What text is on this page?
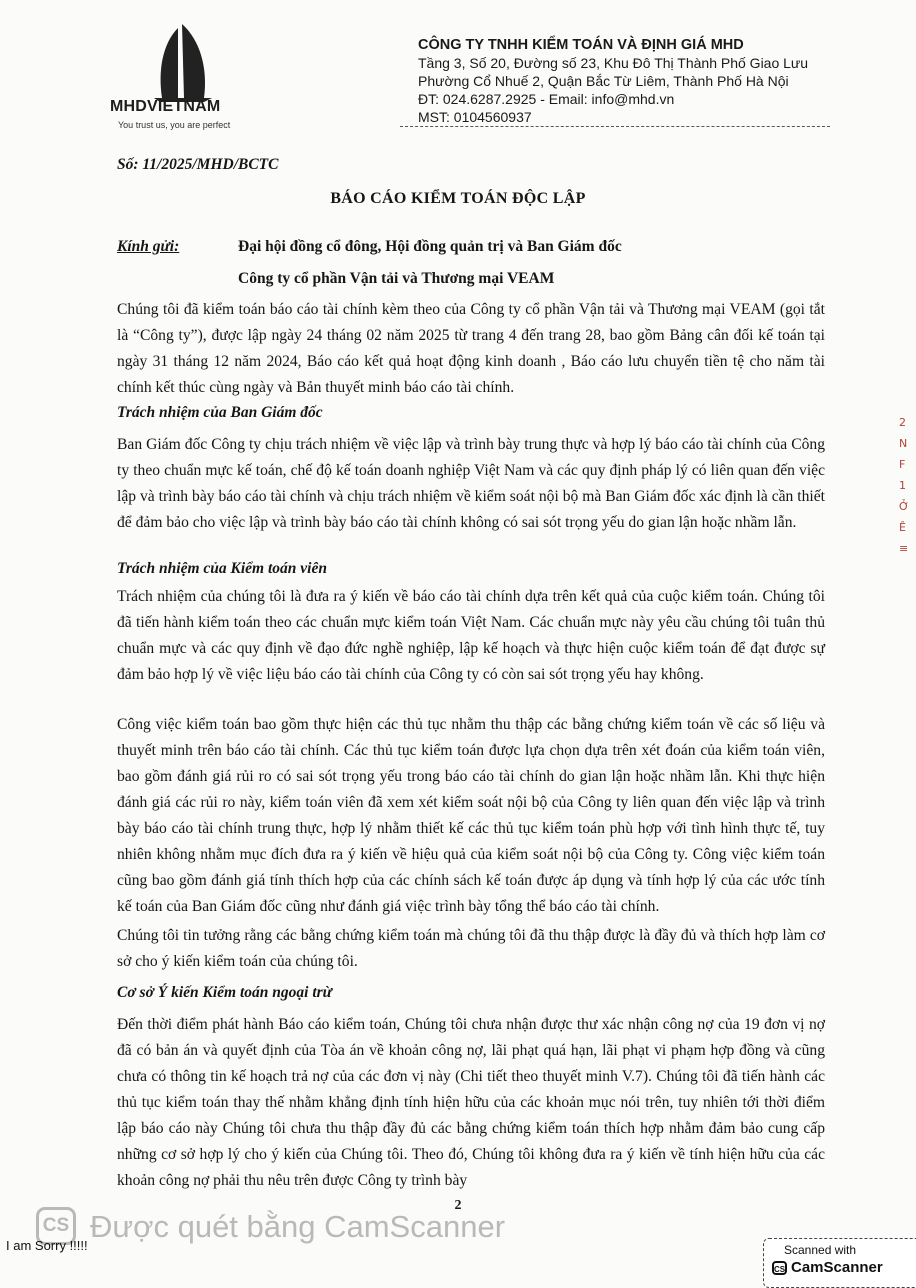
MHDVIETNAM
You trust us, you are perfect
CÔNG TY TNHH KIỂM TOÁN VÀ ĐỊNH GIÁ MHD
Tầng 3, Số 20, Đường số 23, Khu Đô Thị Thành Phố Giao Lưu
Phường Cổ Nhuế 2, Quận Bắc Từ Liêm, Thành Phố Hà Nội
ĐT: 024.6287.2925 - Email: info@mhd.vn
MST: 0104560937
Số: 11/2025/MHD/BCTC
BÁO CÁO KIỂM TOÁN ĐỘC LẬP
Kính gửi:	Đại hội đồng cổ đông, Hội đồng quản trị và Ban Giám đốc
Công ty cổ phần Vận tải và Thương mại VEAM
Chúng tôi đã kiểm toán báo cáo tài chính kèm theo của Công ty cổ phần Vận tải và Thương mại VEAM (gọi tắt là “Công ty”), được lập ngày 24 tháng 02 năm 2025 từ trang 4 đến trang 28, bao gồm Bảng cân đối kế toán tại ngày 31 tháng 12 năm 2024, Báo cáo kết quả hoạt động kinh doanh , Báo cáo lưu chuyển tiền tệ cho năm tài chính kết thúc cùng ngày và Bản thuyết minh báo cáo tài chính.
Trách nhiệm của Ban Giám đốc
Ban Giám đốc Công ty chịu trách nhiệm về việc lập và trình bày trung thực và hợp lý báo cáo tài chính của Công ty theo chuẩn mực kế toán, chế độ kế toán doanh nghiệp Việt Nam và các quy định pháp lý có liên quan đến việc lập và trình bày báo cáo tài chính và chịu trách nhiệm về kiểm soát nội bộ mà Ban Giám đốc xác định là cần thiết để đảm bảo cho việc lập và trình bày báo cáo tài chính không có sai sót trọng yếu do gian lận hoặc nhầm lẫn.
Trách nhiệm của Kiểm toán viên
Trách nhiệm của chúng tôi là đưa ra ý kiến về báo cáo tài chính dựa trên kết quả của cuộc kiểm toán. Chúng tôi đã tiến hành kiểm toán theo các chuẩn mực kiểm toán Việt Nam. Các chuẩn mực này yêu cầu chúng tôi tuân thủ chuẩn mực và các quy định về đạo đức nghề nghiệp, lập kế hoạch và thực hiện cuộc kiểm toán để đạt được sự đảm bảo hợp lý về việc liệu báo cáo tài chính của Công ty có còn sai sót trọng yếu hay không.
Công việc kiểm toán bao gồm thực hiện các thủ tục nhằm thu thập các bằng chứng kiểm toán về các số liệu và thuyết minh trên báo cáo tài chính. Các thủ tục kiểm toán được lựa chọn dựa trên xét đoán của kiểm toán viên, bao gồm đánh giá rủi ro có sai sót trọng yếu trong báo cáo tài chính do gian lận hoặc nhầm lẫn. Khi thực hiện đánh giá các rủi ro này, kiểm toán viên đã xem xét kiểm soát nội bộ của Công ty liên quan đến việc lập và trình bày báo cáo tài chính trung thực, hợp lý nhằm thiết kế các thủ tục kiểm toán phù hợp với tình hình thực tế, tuy nhiên không nhằm mục đích đưa ra ý kiến về hiệu quả của kiểm soát nội bộ của Công ty. Công việc kiểm toán cũng bao gồm đánh giá tính thích hợp của các chính sách kế toán được áp dụng và tính hợp lý của các ước tính kế toán của Ban Giám đốc cũng như đánh giá việc trình bày tổng thể báo cáo tài chính.
Chúng tôi tin tưởng rằng các bằng chứng kiểm toán mà chúng tôi đã thu thập được là đầy đủ và thích hợp làm cơ sở cho ý kiến kiểm toán của chúng tôi.
Cơ sở Ý kiến Kiểm toán ngoại trừ
Đến thời điểm phát hành Báo cáo kiểm toán, Chúng tôi chưa nhận được thư xác nhận công nợ của 19 đơn vị nợ đã có bản án và quyết định của Tòa án về khoản công nợ, lãi phạt quá hạn, lãi phạt vi phạm hợp đồng và cũng chưa có thông tin kế hoạch trả nợ của các đơn vị này (Chi tiết theo thuyết minh V.7). Chúng tôi đã tiến hành các thủ tục kiểm toán thay thế nhằm khẳng định tính hiện hữu của các khoản mục nói trên, tuy nhiên tới thời điểm lập báo cáo này Chúng tôi chưa thu thập đầy đủ các bằng chứng kiểm toán thích hợp nhằm đảm bảo cung cấp những cơ sở hợp lý cho ý kiến của Chúng tôi. Theo đó, Chúng tôi không đưa ra ý kiến về tính hiện hữu của các khoản công nợ phải thu nêu trên được Công ty trình bày
2
2
N
F
1
Ở
Ê
≡
CS Được quét bằng CamScanner
I am Sorry !!!!!	Scanned with
CS CamScanner
